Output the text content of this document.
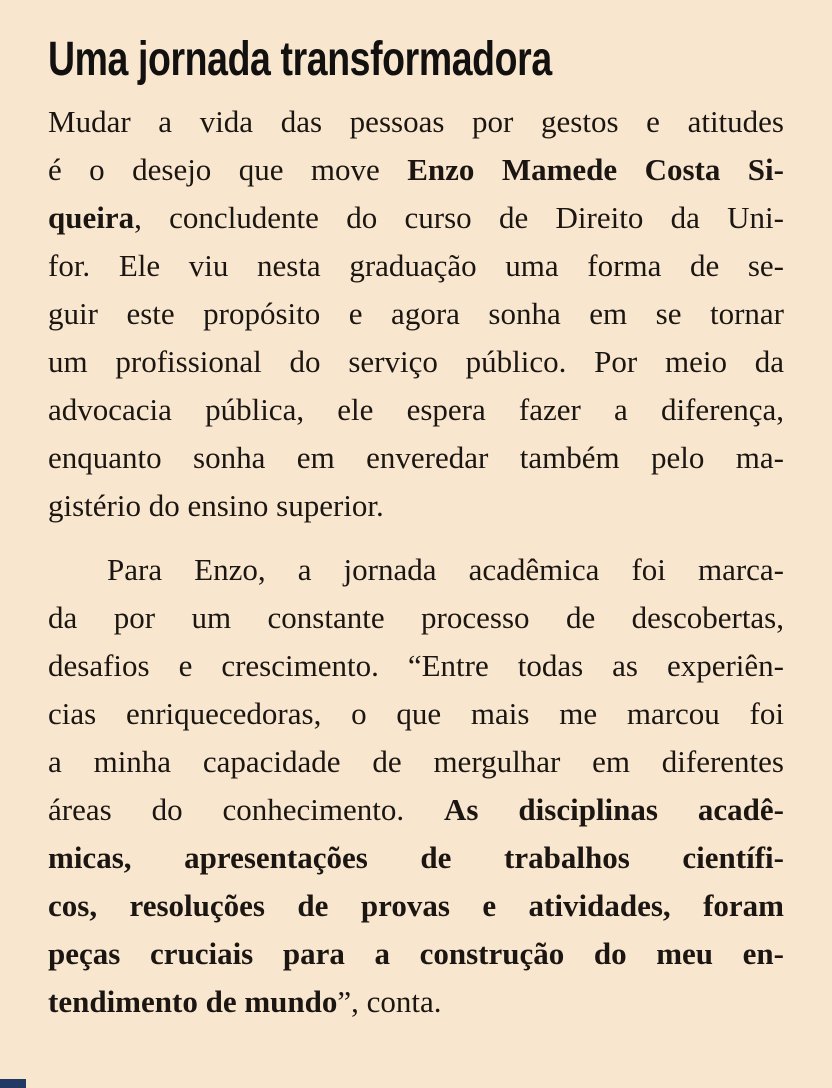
Uma jornada transformadora
Mudar a vida das pessoas por gestos e atitudes
é o desejo que move Enzo Mamede Costa Si-
queira, concludente do curso de Direito da Uni-
for. Ele viu nesta graduação uma forma de se-
guir este propósito e agora sonha em se tornar
um profissional do serviço público. Por meio da
advocacia pública, ele espera fazer a diferença,
enquanto sonha em enveredar também pelo ma-
gistério do ensino superior.
Para Enzo, a jornada acadêmica foi marca-
da por um constante processo de descobertas,
desafios e crescimento. “Entre todas as experiên-
cias enriquecedoras, o que mais me marcou foi
a minha capacidade de mergulhar em diferentes
áreas do conhecimento. As disciplinas acadê-
micas, apresentações de trabalhos científi-
cos, resoluções de provas e atividades, foram
peças cruciais para a construção do meu en-
tendimento de mundo”, conta.
